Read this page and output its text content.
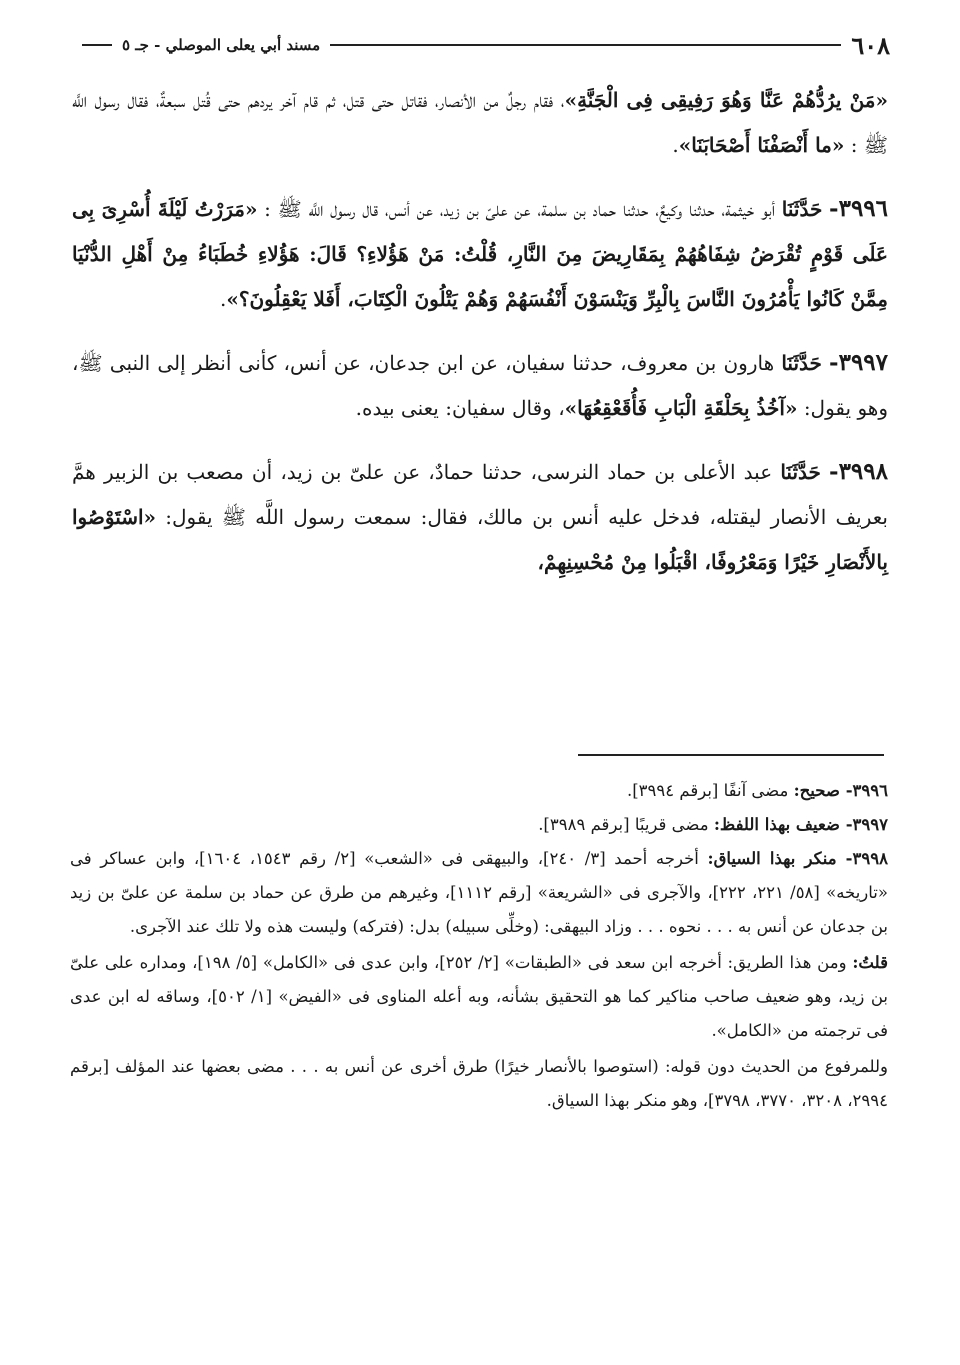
٦٠٨
مسند أبي يعلى الموصلي - جـ ٥

«مَنْ يرُدُّهُمْ عَنَّا وَهُوَ رَفِيقِى فِى الْجَنَّةِ»، فقام رجلٌ من الأنصار، فقاتل حتى قتل، ثم قام آخر يردهم حتى قُتل سبعةٌ، فقال رسول اللَّه ﷺ : «ما أَنْصَفْنَا أَصْحَابَنَا».

٣٩٩٦- حَدَّثَنَا أبو خيثمة، حدثنا وكيعٌ، حدثنا حماد بن سلمة، عن علىّ بن زيد، عن أنس، قال رسول اللَّه ﷺ : «مَرَرْتُ لَيْلَةَ أُسْرِىَ بِى عَلَى قَوْمٍ تُقْرَضُ شِفَاهُهُمْ بِمَقَارِيضَ مِنَ النَّارِ، قُلْتُ: مَنْ هَؤُلاءِ؟ قَالَ: هَؤُلاءِ خُطَبَاءُ مِنْ أَهْلِ الدُّنْيَا مِمَّنْ كَانُوا يَأْمُرُونَ النَّاسَ بِالْبِرِّ وَيَنْسَوْنَ أَنْفُسَهُمْ وَهُمْ يَتْلُونَ الْكِتَابَ، أَفَلا يَعْقِلُونَ؟».

٣٩٩٧- حَدَّثَنَا هارون بن معروف، حدثنا سفيان، عن ابن جدعان، عن أنس، كأنى أنظر إلى النبى ﷺ، وهو يقول: «آخُذُ بِحَلْقَةِ الْبَابِ فَأُقَعْقِعُهَا»، وقال سفيان: يعنى بيده.

٣٩٩٨- حَدَّثَنَا عبد الأعلى بن حماد النرسى، حدثنا حمادٌ، عن علىّ بن زيد، أن مصعب بن الزبير همَّ بعريف الأنصار ليقتله، فدخل عليه أنس بن مالك، فقال: سمعت رسول اللَّه ﷺ يقول: «اسْتَوْصُوا بِالأَنْصَارِ خَيْرًا وَمَعْرُوفًا، اقْبَلُوا مِنْ مُحْسِنِهِمْ،

٣٩٩٦- صحيح: مضى آنفًا [برقم ٣٩٩٤].

٣٩٩٧- ضعيف بهذا اللفظ: مضى قريبًا [برقم ٣٩٨٩].

٣٩٩٨- منكر بهذا السياق: أخرجه أحمد [٣/ ٢٤٠]، والبيهقى فى «الشعب» [٢/ رقم ١٥٤٣، ١٦٠٤]، وابن عساكر فى «تاريخه» [٥٨/ ٢٢١، ٢٢٢]، والآجرى فى «الشريعة» [رقم ١١١٢]، وغيرهم من طرق عن حماد بن سلمة عن علىّ بن زيد بن جدعان عن أنس به . . . نحوه . . . وزاد البيهقى: (وخلِّى سبيله) بدل: (فتركه) وليست هذه ولا تلك عند الآجرى.

قلتُ: ومن هذا الطريق: أخرجه ابن سعد فى «الطبقات» [٢/ ٢٥٢]، وابن عدى فى «الكامل» [٥/ ١٩٨]، ومداره على علىّ بن زيد، وهو ضعيف صاحب مناكير كما هو التحقيق بشأنه، وبه أعله المناوى فى «الفيض» [١/ ٥٠٢]، وساقه له ابن عدى فى ترجمته من «الكامل».

وللمرفوع من الحديث دون قوله: (استوصوا بالأنصار خيرًا) طرق أخرى عن أنس به . . . مضى بعضها عند المؤلف [برقم ٢٩٩٤، ٣٢٠٨، ٣٧٧٠، ٣٧٩٨]، وهو منكر بهذا السياق.
